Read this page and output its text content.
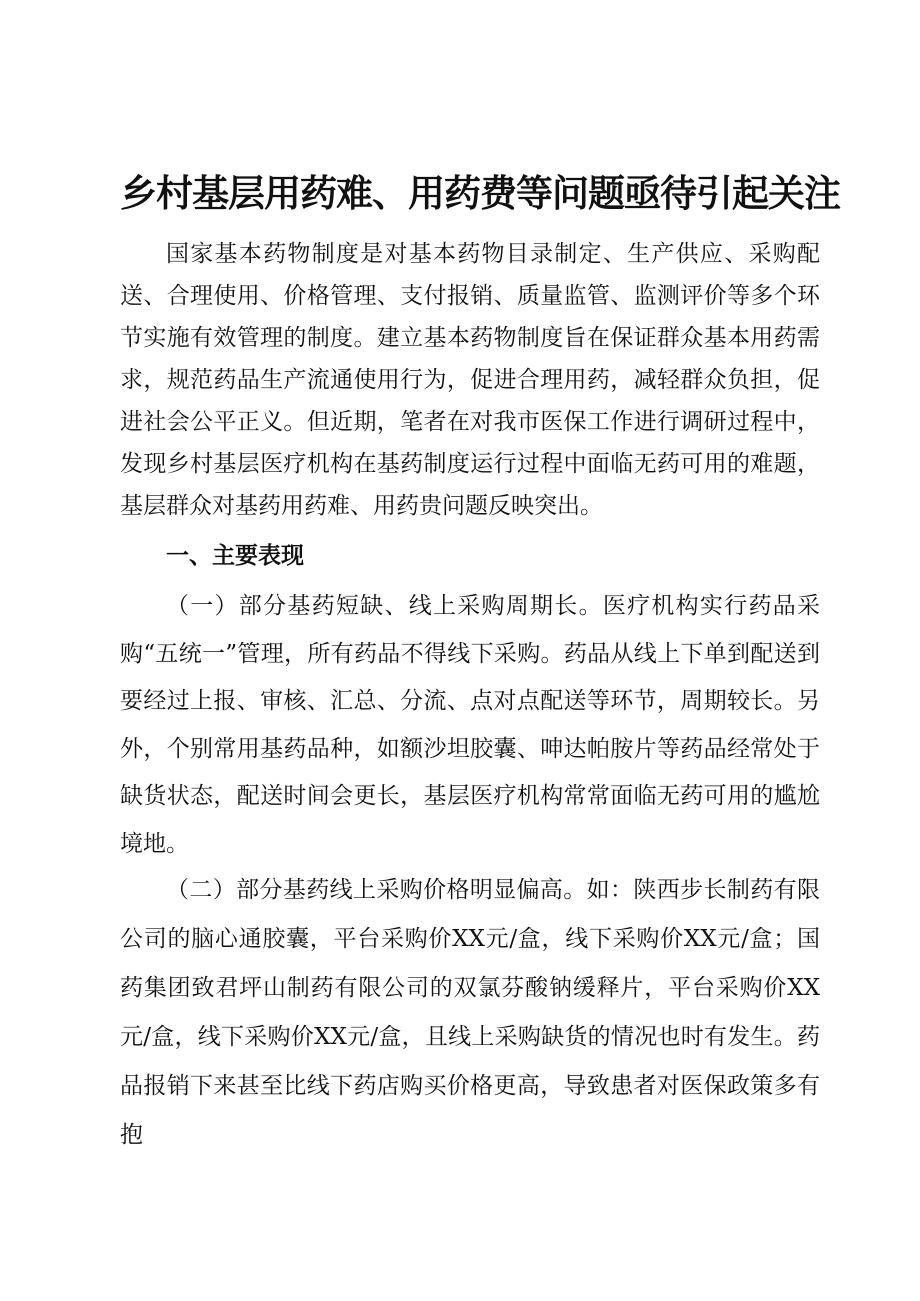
乡村基层用药难、用药费等问题亟待引起关注

国家基本药物制度是对基本药物目录制定、生产供应、采购配送、合理使用、价格管理、支付报销、质量监管、监测评价等多个环节实施有效管理的制度。建立基本药物制度旨在保证群众基本用药需求，规范药品生产流通使用行为，促进合理用药，减轻群众负担，促进社会公平正义。但近期，笔者在对我市医保工作进行调研过程中，发现乡村基层医疗机构在基药制度运行过程中面临无药可用的难题，基层群众对基药用药难、用药贵问题反映突出。

一、主要表现

（一）部分基药短缺、线上采购周期长。医疗机构实行药品采购“五统一”管理，所有药品不得线下采购。药品从线上下单到配送到要经过上报、审核、汇总、分流、点对点配送等环节，周期较长。另外，个别常用基药品种，如额沙坦胶囊、呻达帕胺片等药品经常处于缺货状态，配送时间会更长，基层医疗机构常常面临无药可用的尴尬境地。

（二）部分基药线上采购价格明显偏高。如：陕西步长制药有限公司的脑心通胶囊，平台采购价XX元/盒，线下采购价XX元/盒；国药集团致君坪山制药有限公司的双氯芬酸钠缓释片，平台采购价XX元/盒，线下采购价XX元/盒，且线上采购缺货的情况也时有发生。药品报销下来甚至比线下药店购买价格更高，导致患者对医保政策多有抱
